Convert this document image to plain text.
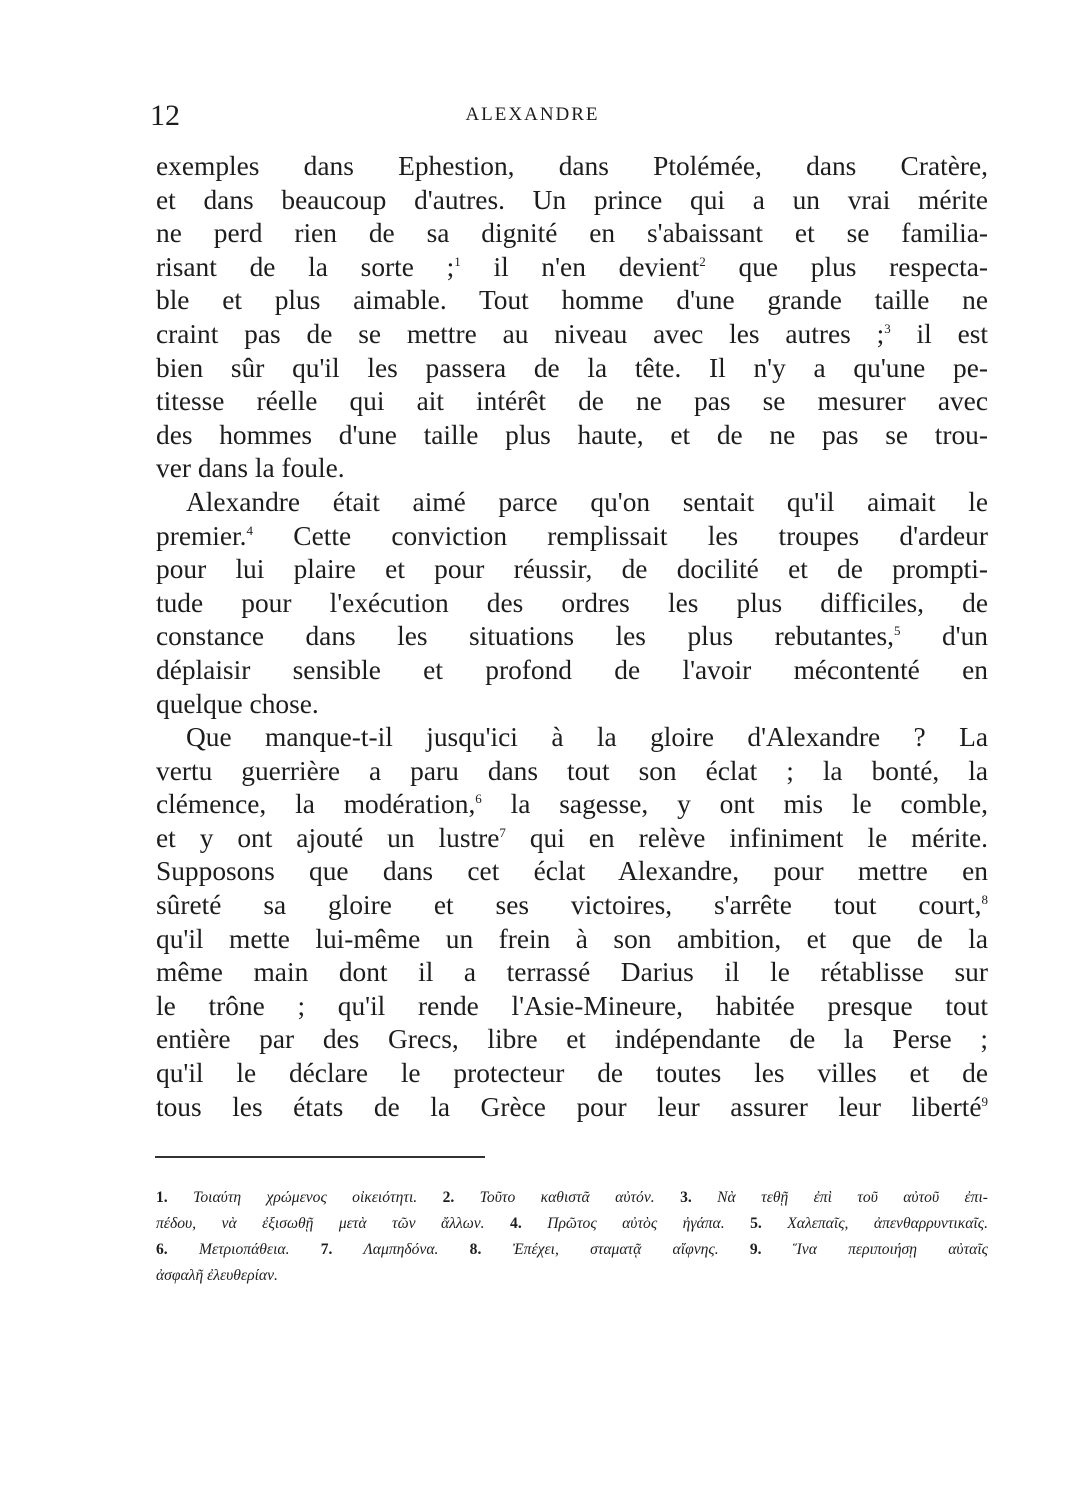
12	ALEXANDRE
exemples dans Ephestion, dans Ptolémée, dans Cratère,
et dans beaucoup d'autres. Un prince qui a un vrai mérite
ne perd rien de sa dignité en s'abaissant et se familia-
risant de la sorte ;$^1$ il n'en devient$^2$ que plus respecta-
ble et plus aimable. Tout homme d'une grande taille ne
craint pas de se mettre au niveau avec les autres ;$^3$ il est
bien sûr qu'il les passera de la tête. Il n'y a qu'une pe-
titesse réelle qui ait intérêt de ne pas se mesurer avec
des hommes d'une taille plus haute, et de ne pas se trou-
ver dans la foule.
Alexandre était aimé parce qu'on sentait qu'il aimait le
premier.$^4$ Cette conviction remplissait les troupes d'ardeur
pour lui plaire et pour réussir, de docilité et de prompti-
tude pour l'exécution des ordres les plus difficiles, de
constance dans les situations les plus rebutantes,$^5$ d'un
déplaisir sensible et profond de l'avoir mécontenté en
quelque chose.
Que manque-t-il jusqu'ici à la gloire d'Alexandre ? La
vertu guerrière a paru dans tout son éclat ; la bonté, la
clémence, la modération,$^6$ la sagesse, y ont mis le comble,
et y ont ajouté un lustre$^7$ qui en relève infiniment le mérite.
Supposons que dans cet éclat Alexandre, pour mettre en
sûreté sa gloire et ses victoires, s'arrête tout court,$^8$
qu'il mette lui-même un frein à son ambition, et que de la
même main dont il a terrassé Darius il le rétablisse sur
le trône ; qu'il rende l'Asie-Mineure, habitée presque tout
entière par des Grecs, libre et indépendante de la Perse ;
qu'il le déclare le protecteur de toutes les villes et de
tous les états de la Grèce pour leur assurer leur liberté$^9$
1. Τοιαύτη χρώμενος οἰκειότητι. 2. Τοῦτο καθιστᾶ αὐτόν. 3. Νὰ τεθῇ ἐπὶ τοῦ αὐτοῦ ἐπι-
πέδου, νὰ ἐξισωθῇ μετὰ τῶν ἄλλων. 4. Πρῶτος αὐτὸς ἠγάπα. 5. Χαλεπαῖς, ἀπενθαρρυντικαῖς.
6. Μετριοπάθεια. 7. Λαμπηδόνα. 8. Ἐπέχει, σταματᾷ αἴφνης. 9. Ἵνα περιποιήσῃ αὐταῖς
ἀσφαλῆ ἐλευθερίαν.
